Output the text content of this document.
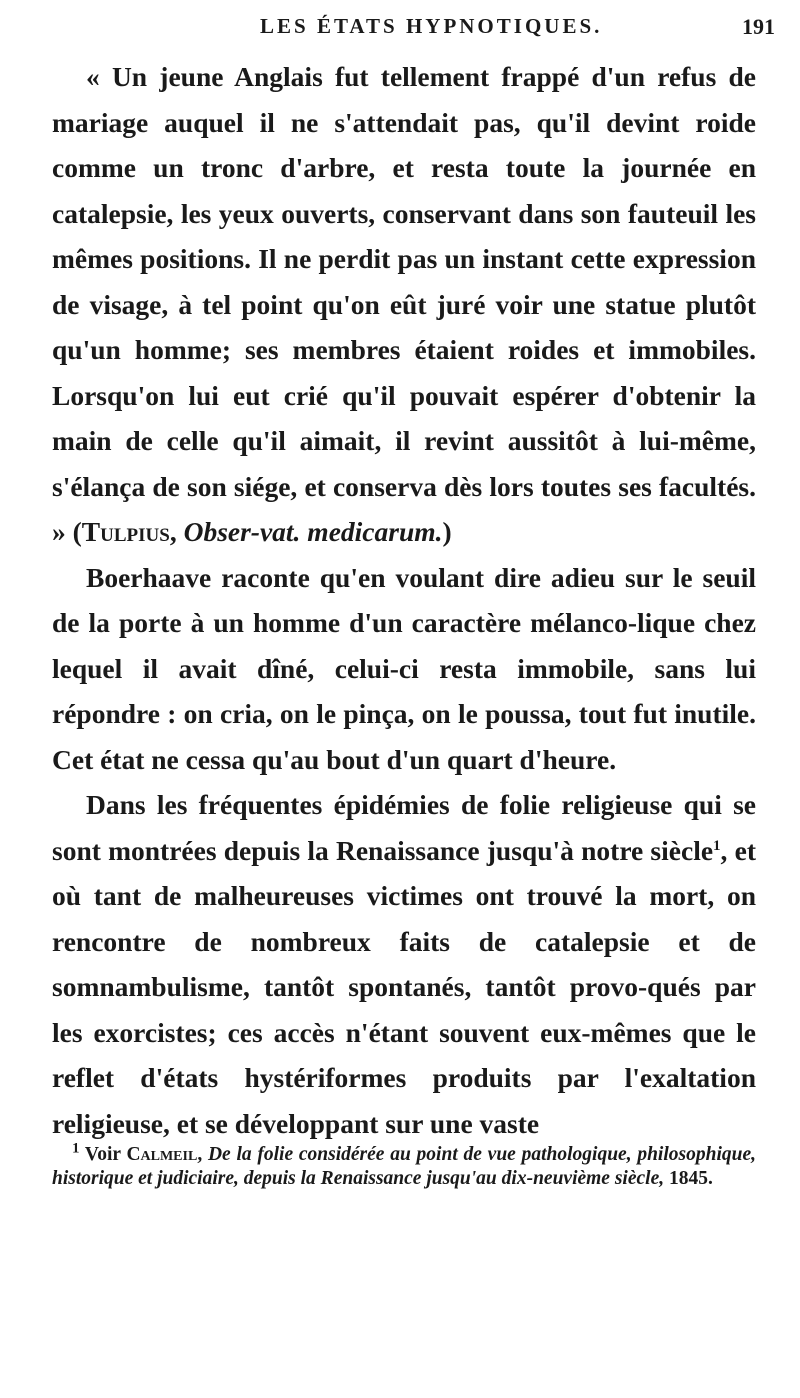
LES ÉTATS HYPNOTIQUES.	191

« Un jeune Anglais fut tellement frappé d'un refus de mariage auquel il ne s'attendait pas, qu'il devint roide comme un tronc d'arbre, et resta toute la journée en catalepsie, les yeux ouverts, conservant dans son fauteuil les mêmes positions. Il ne perdit pas un instant cette expression de visage, à tel point qu'on eût juré voir une statue plutôt qu'un homme; ses membres étaient roides et immobiles. Lorsqu'on lui eut crié qu'il pouvait espérer d'obtenir la main de celle qu'il aimait, il revint aussitôt à lui-même, s'élança de son siége, et conserva dès lors toutes ses facultés. » (Tulpius, Obser-vat. medicarum.)

Boerhaave raconte qu'en voulant dire adieu sur le seuil de la porte à un homme d'un caractère mélanco-lique chez lequel il avait dîné, celui-ci resta immobile, sans lui répondre : on cria, on le pinça, on le poussa, tout fut inutile. Cet état ne cessa qu'au bout d'un quart d'heure.

Dans les fréquentes épidémies de folie religieuse qui se sont montrées depuis la Renaissance jusqu'à notre siècle$^1$, et où tant de malheureuses victimes ont trouvé la mort, on rencontre de nombreux faits de catalepsie et de somnambulisme, tantôt spontanés, tantôt provo-qués par les exorcistes; ces accès n'étant souvent eux-mêmes que le reflet d'états hystériformes produits par l'exaltation religieuse, et se développant sur une vaste

$^1$ Voir Calmeil, De la folie considérée au point de vue pathologique, philosophique, historique et judiciaire, depuis la Renaissance jusqu'au dix-neuvième siècle, 1845.
